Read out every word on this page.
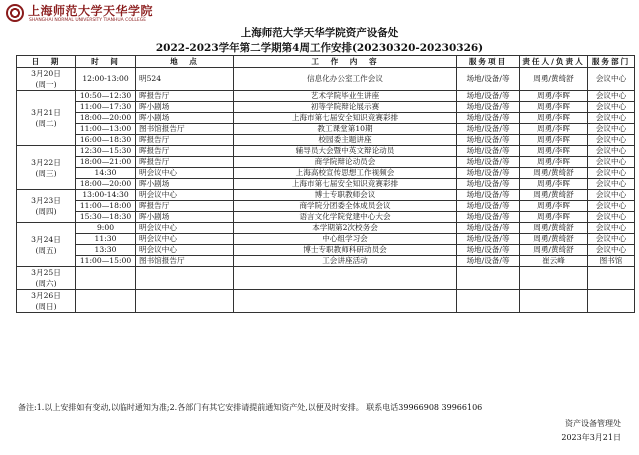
上海师范大学天华学院
SHANGHAI NORMAL UNIVERSITY TIANHUA COLLEGE
上海师范大学天华学院资产设备处
2022-2023学年第二学期第4周工作安排(20230320-20230326)
日　期	时　间	地　点	工　作　内　容	服务项目	责任人/负责人	服务部门

3月20日
(周一)	12:00-13:00	明524	信息化办公室工作会议	场地/设备/等	周勇/黄绮舒	会议中心

3月21日
(周二)	10:50—12:30	晖报告厅	艺术学院毕业生讲座	场地/设备/等	周勇/李晖	会议中心
	11:00—17:30	晖小剧场	初等学院辩论展示赛	场地/设备/等	周勇/李晖	会议中心
	18:00—20:00	晖小剧场	上海市第七届安全知识竞赛彩排	场地/设备/等	周勇/李晖	会议中心
	11:00—13:00	图书馆报告厅	教工课堂第10期	场地/设备/等	周勇/李晖	会议中心
	16:00—18:30	晖报告厅	校园委主题讲座	场地/设备/等	周勇/李晖	会议中心

3月22日
(周三)	12:30—15:30	晖报告厅	辅导员大会暨中英文辩论动员	场地/设备/等	周勇/李晖	会议中心
	18:00—21:00	晖报告厅	商学院辩论动员会	场地/设备/等	周勇/李晖	会议中心
	14:30	明会议中心	上海高校宣传思想工作视频会	场地/设备/等	周勇/黄绮舒	会议中心
	18:00—20:00	晖小剧场	上海市第七届安全知识竞赛彩排	场地/设备/等	周勇/李晖	会议中心

3月23日
(周四)	13:00-14:30	明会议中心	博士专职教师会议	场地/设备/等	周勇/黄绮舒	会议中心
	11:00—18:00	晖报告厅	商学院分团委全体成员会议	场地/设备/等	周勇/李晖	会议中心
	15:30—18:30	晖小剧场	语言文化学院党建中心大会	场地/设备/等	周勇/李晖	会议中心

3月24日
(周五)	9:00	明会议中心	本学期第2次校务会	场地/设备/等	周勇/黄绮舒	会议中心
	11:30	明会议中心	中心组学习会	场地/设备/等	周勇/黄绮舒	会议中心
	13:30	明会议中心	博士专职教师科研动员会	场地/设备/等	周勇/黄绮舒	会议中心
	11:00—15:00	图书馆报告厅	工会讲座活动	场地/设备/等	崔云峰	图书馆

3月25日
(周六)						

3月26日
(周日)						

备注:1.以上安排如有变动,以临时通知为准;2.各部门有其它安排请提前通知资产处,以便及时安排。 联系电话39966908 39966106
资产设备管理处
2023年3月21日
